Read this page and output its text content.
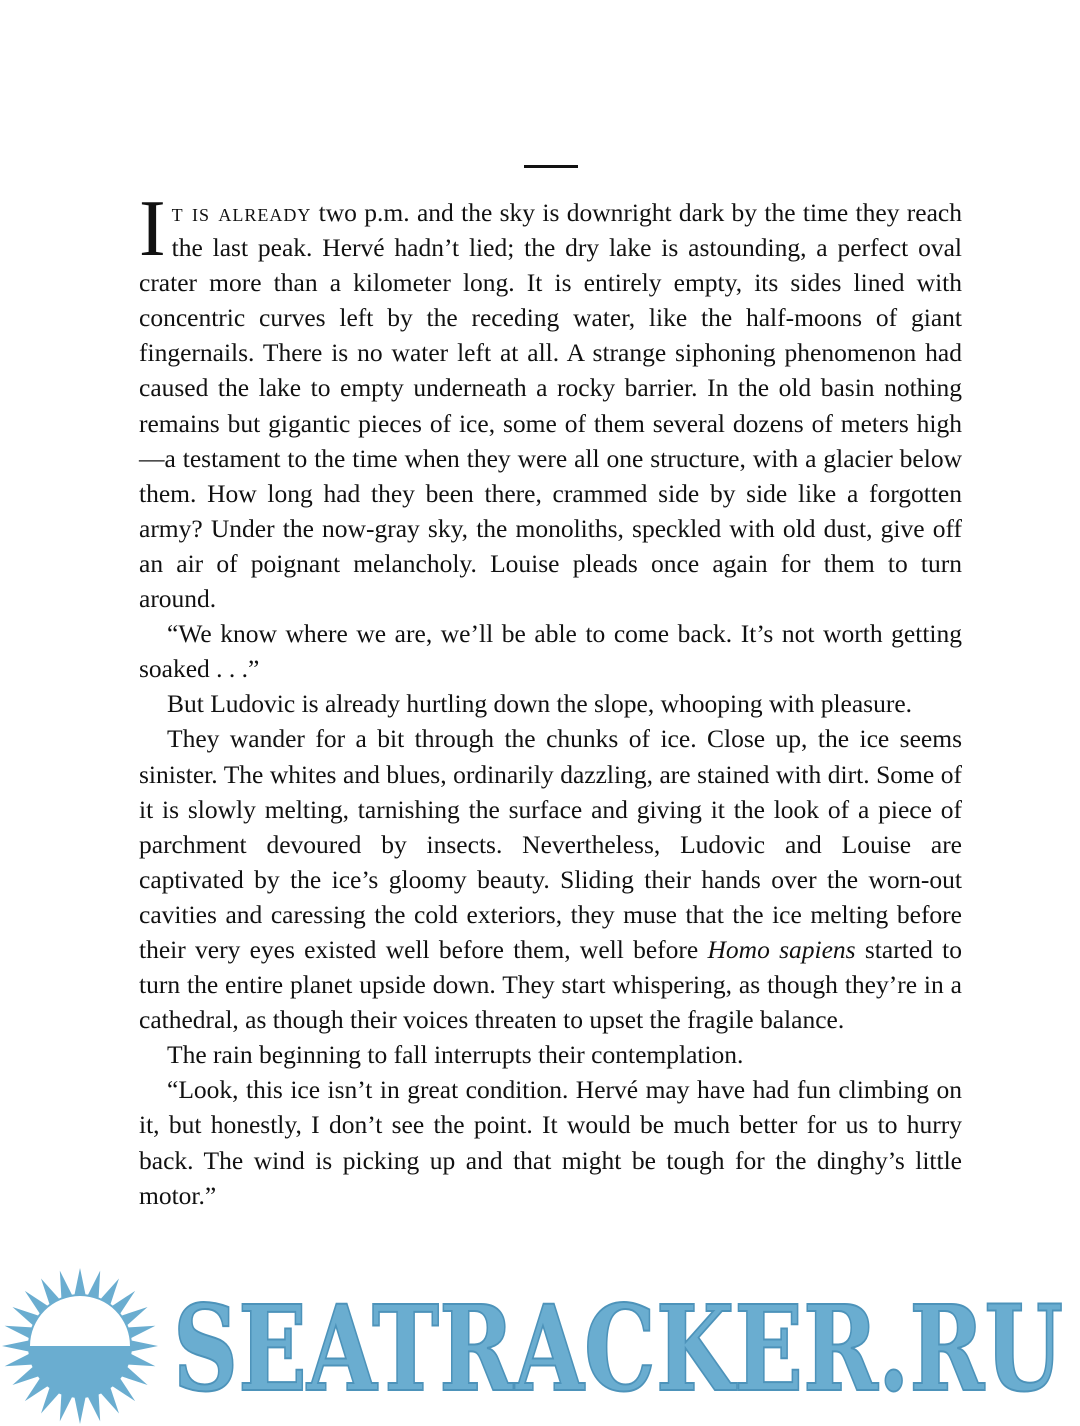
It is already two p.m. and the sky is downright dark by the time they reach the last peak. Hervé hadn’t lied; the dry lake is astounding, a perfect oval crater more than a kilometer long. It is entirely empty, its sides lined with concentric curves left by the receding water, like the half-moons of giant fingernails. There is no water left at all. A strange siphoning phenomenon had caused the lake to empty underneath a rocky barrier. In the old basin nothing remains but gigantic pieces of ice, some of them several dozens of meters high—a testament to the time when they were all one structure, with a glacier below them. How long had they been there, crammed side by side like a forgotten army? Under the now-gray sky, the monoliths, speckled with old dust, give off an air of poignant melancholy. Louise pleads once again for them to turn around.

“We know where we are, we’ll be able to come back. It’s not worth getting soaked . . .”

But Ludovic is already hurtling down the slope, whooping with pleasure.

They wander for a bit through the chunks of ice. Close up, the ice seems sinister. The whites and blues, ordinarily dazzling, are stained with dirt. Some of it is slowly melting, tarnishing the surface and giving it the look of a piece of parchment devoured by insects. Nevertheless, Ludovic and Louise are captivated by the ice’s gloomy beauty. Sliding their hands over the worn-out cavities and caressing the cold exteriors, they muse that the ice melting before their very eyes existed well before them, well before Homo sapiens started to turn the entire planet upside down. They start whispering, as though they’re in a cathedral, as though their voices threaten to upset the fragile balance.

The rain beginning to fall interrupts their contemplation.

“Look, this ice isn’t in great condition. Hervé may have had fun climbing on it, but honestly, I don’t see the point. It would be much better for us to hurry back. The wind is picking up and that might be tough for the dinghy’s little motor.”

SEATRACKER.RU
